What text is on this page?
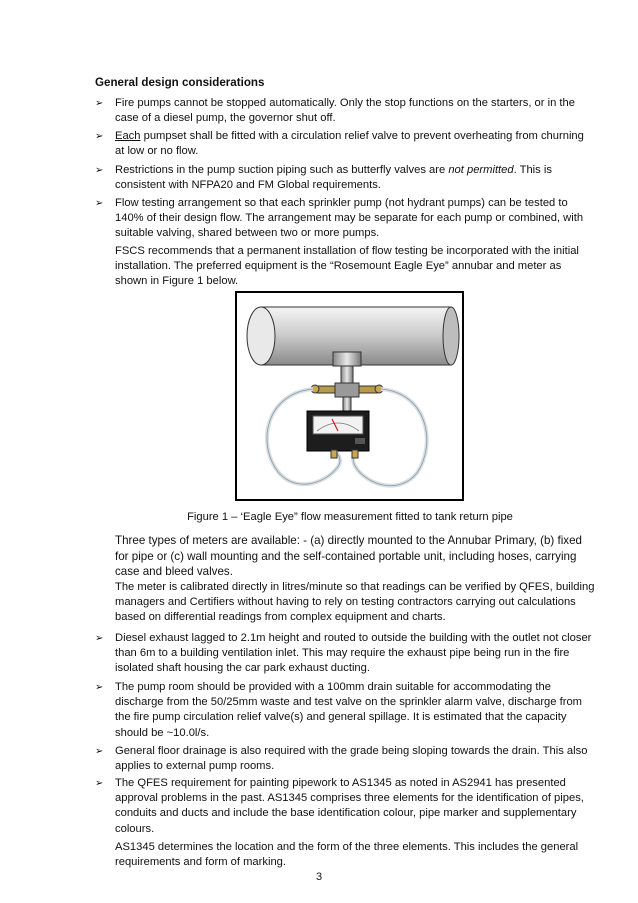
General design considerations
➢ Fire pumps cannot be stopped automatically. Only the stop functions on the starters, or in the case of a diesel pump, the governor shut off.
➢ Each pumpset shall be fitted with a circulation relief valve to prevent overheating from churning at low or no flow.
➢ Restrictions in the pump suction piping such as butterfly valves are not permitted. This is consistent with NFPA20 and FM Global requirements.
➢ Flow testing arrangement so that each sprinkler pump (not hydrant pumps) can be tested to 140% of their design flow. The arrangement may be separate for each pump or combined, with suitable valving, shared between two or more pumps.
FSCS recommends that a permanent installation of flow testing be incorporated with the initial installation. The preferred equipment is the “Rosemount Eagle Eye” annubar and meter as shown in Figure 1 below.
Figure 1 – ‘Eagle Eye” flow measurement fitted to tank return pipe
Three types of meters are available: - (a) directly mounted to the Annubar Primary, (b) fixed for pipe or (c) wall mounting and the self-contained portable unit, including hoses, carrying case and bleed valves.
The meter is calibrated directly in litres/minute so that readings can be verified by QFES, building managers and Certifiers without having to rely on testing contractors carrying out calculations based on differential readings from complex equipment and charts.
➢ Diesel exhaust lagged to 2.1m height and routed to outside the building with the outlet not closer than 6m to a building ventilation inlet. This may require the exhaust pipe being run in the fire isolated shaft housing the car park exhaust ducting.
➢ The pump room should be provided with a 100mm drain suitable for accommodating the discharge from the 50/25mm waste and test valve on the sprinkler alarm valve, discharge from the fire pump circulation relief valve(s) and general spillage. It is estimated that the capacity should be ~10.0l/s.
➢ General floor drainage is also required with the grade being sloping towards the drain. This also applies to external pump rooms.
➢ The QFES requirement for painting pipework to AS1345 as noted in AS2941 has presented approval problems in the past. AS1345 comprises three elements for the identification of pipes, conduits and ducts and include the base identification colour, pipe marker and supplementary colours.
AS1345 determines the location and the form of the three elements. This includes the general requirements and form of marking.
3
